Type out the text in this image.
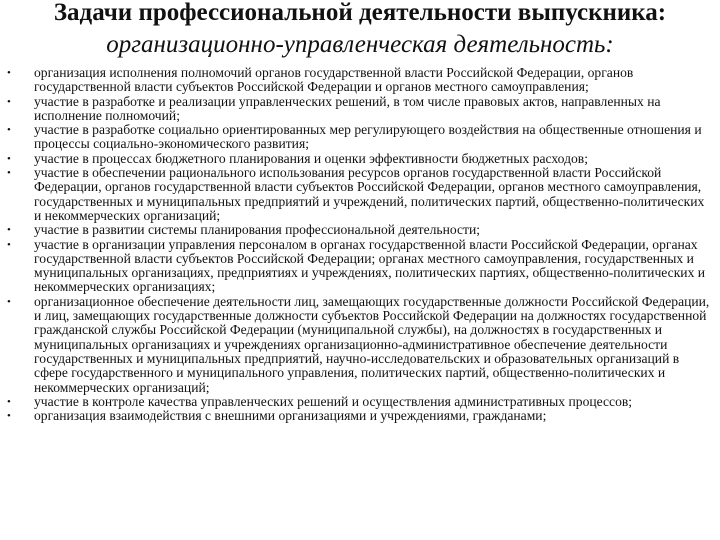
Задачи профессиональной деятельности выпускника:
организационно-управленческая деятельность:
• организация исполнения полномочий органов государственной власти Российской Федерации, органов государственной власти субъектов Российской Федерации и органов местного самоуправления;
• участие в разработке и реализации управленческих решений, в том числе правовых актов, направленных на исполнение полномочий;
• участие в разработке социально ориентированных мер регулирующего воздействия на общественные отношения и процессы социально-экономического развития;
• участие в процессах бюджетного планирования и оценки эффективности бюджетных расходов;
• участие в обеспечении рационального использования ресурсов органов государственной власти Российской Федерации, органов государственной власти субъектов Российской Федерации, органов местного самоуправления, государственных и муниципальных предприятий и учреждений, политических партий, общественно-политических и некоммерческих организаций;
• участие в развитии системы планирования профессиональной деятельности;
• участие в организации управления персоналом в органах государственной власти Российской Федерации, органах государственной власти субъектов Российской Федерации; органах местного самоуправления, государственных и муниципальных организациях, предприятиях и учреждениях, политических партиях, общественно-политических и некоммерческих организациях;
• организационное обеспечение деятельности лиц, замещающих государственные должности Российской Федерации, и лиц, замещающих государственные должности субъектов Российской Федерации на должностях государственной гражданской службы Российской Федерации (муниципальной службы), на должностях в государственных и муниципальных организациях и учреждениях организационно-административное обеспечение деятельности государственных и муниципальных предприятий, научно-исследовательских и образовательных организаций в сфере государственного и муниципального управления, политических партий, общественно-политических и некоммерческих организаций;
• участие в контроле качества управленческих решений и осуществления административных процессов;
• организация взаимодействия с внешними организациями и учреждениями, гражданами;
